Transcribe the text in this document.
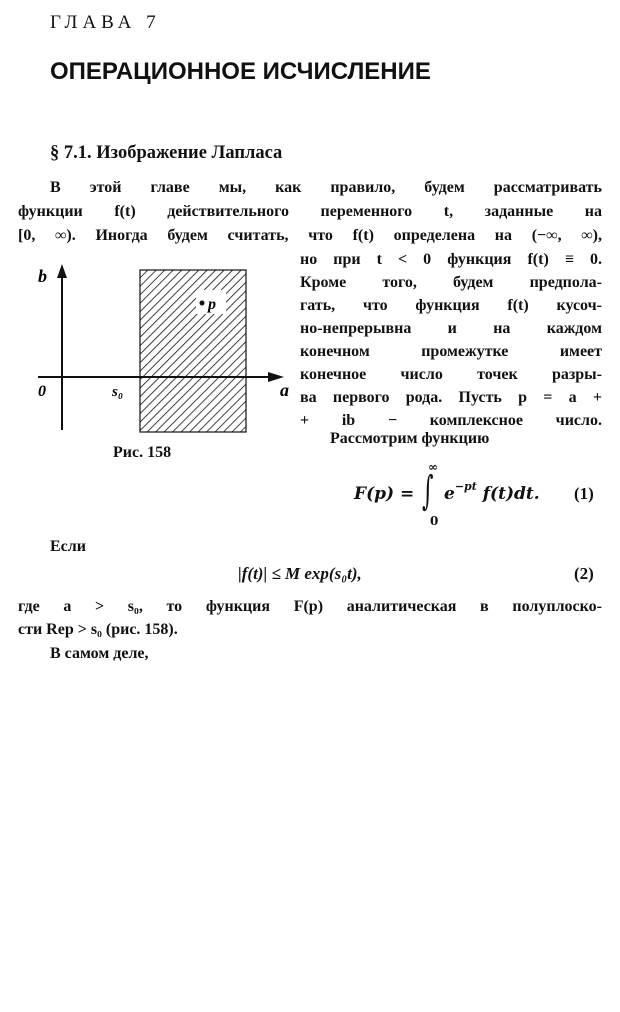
ГЛАВА 7
ОПЕРАЦИОННОЕ ИСЧИСЛЕНИЕ
§ 7.1. Изображение Лапласа
В этой главе мы, как правило, будем рассматривать
функции f(t) действительного переменного t, заданные на
[0, ∞). Иногда будем считать, что f(t) определена на (−∞, ∞),
но при t < 0 функция f(t) ≡ 0.
Кроме того, будем предпола-
гать, что функция f(t) кусоч-
но-непрерывна и на каждом
конечном промежутке имеет
конечное число точек разры-
ва первого рода. Пусть p = a +
+ ib − комплексное число.
Рассмотрим функцию
b
a
0	s₀
p
Рис. 158
F(p) = ∫
∞
0
$e^{-pt}$ f(t)dt. (1)
Если
|f(t)| ≤ M exp(s₀t),	(2)
где a > s₀, то функция F(p) аналитическая в полуплоско-
сти Rep > s₀ (рис. 158).
В самом деле,
